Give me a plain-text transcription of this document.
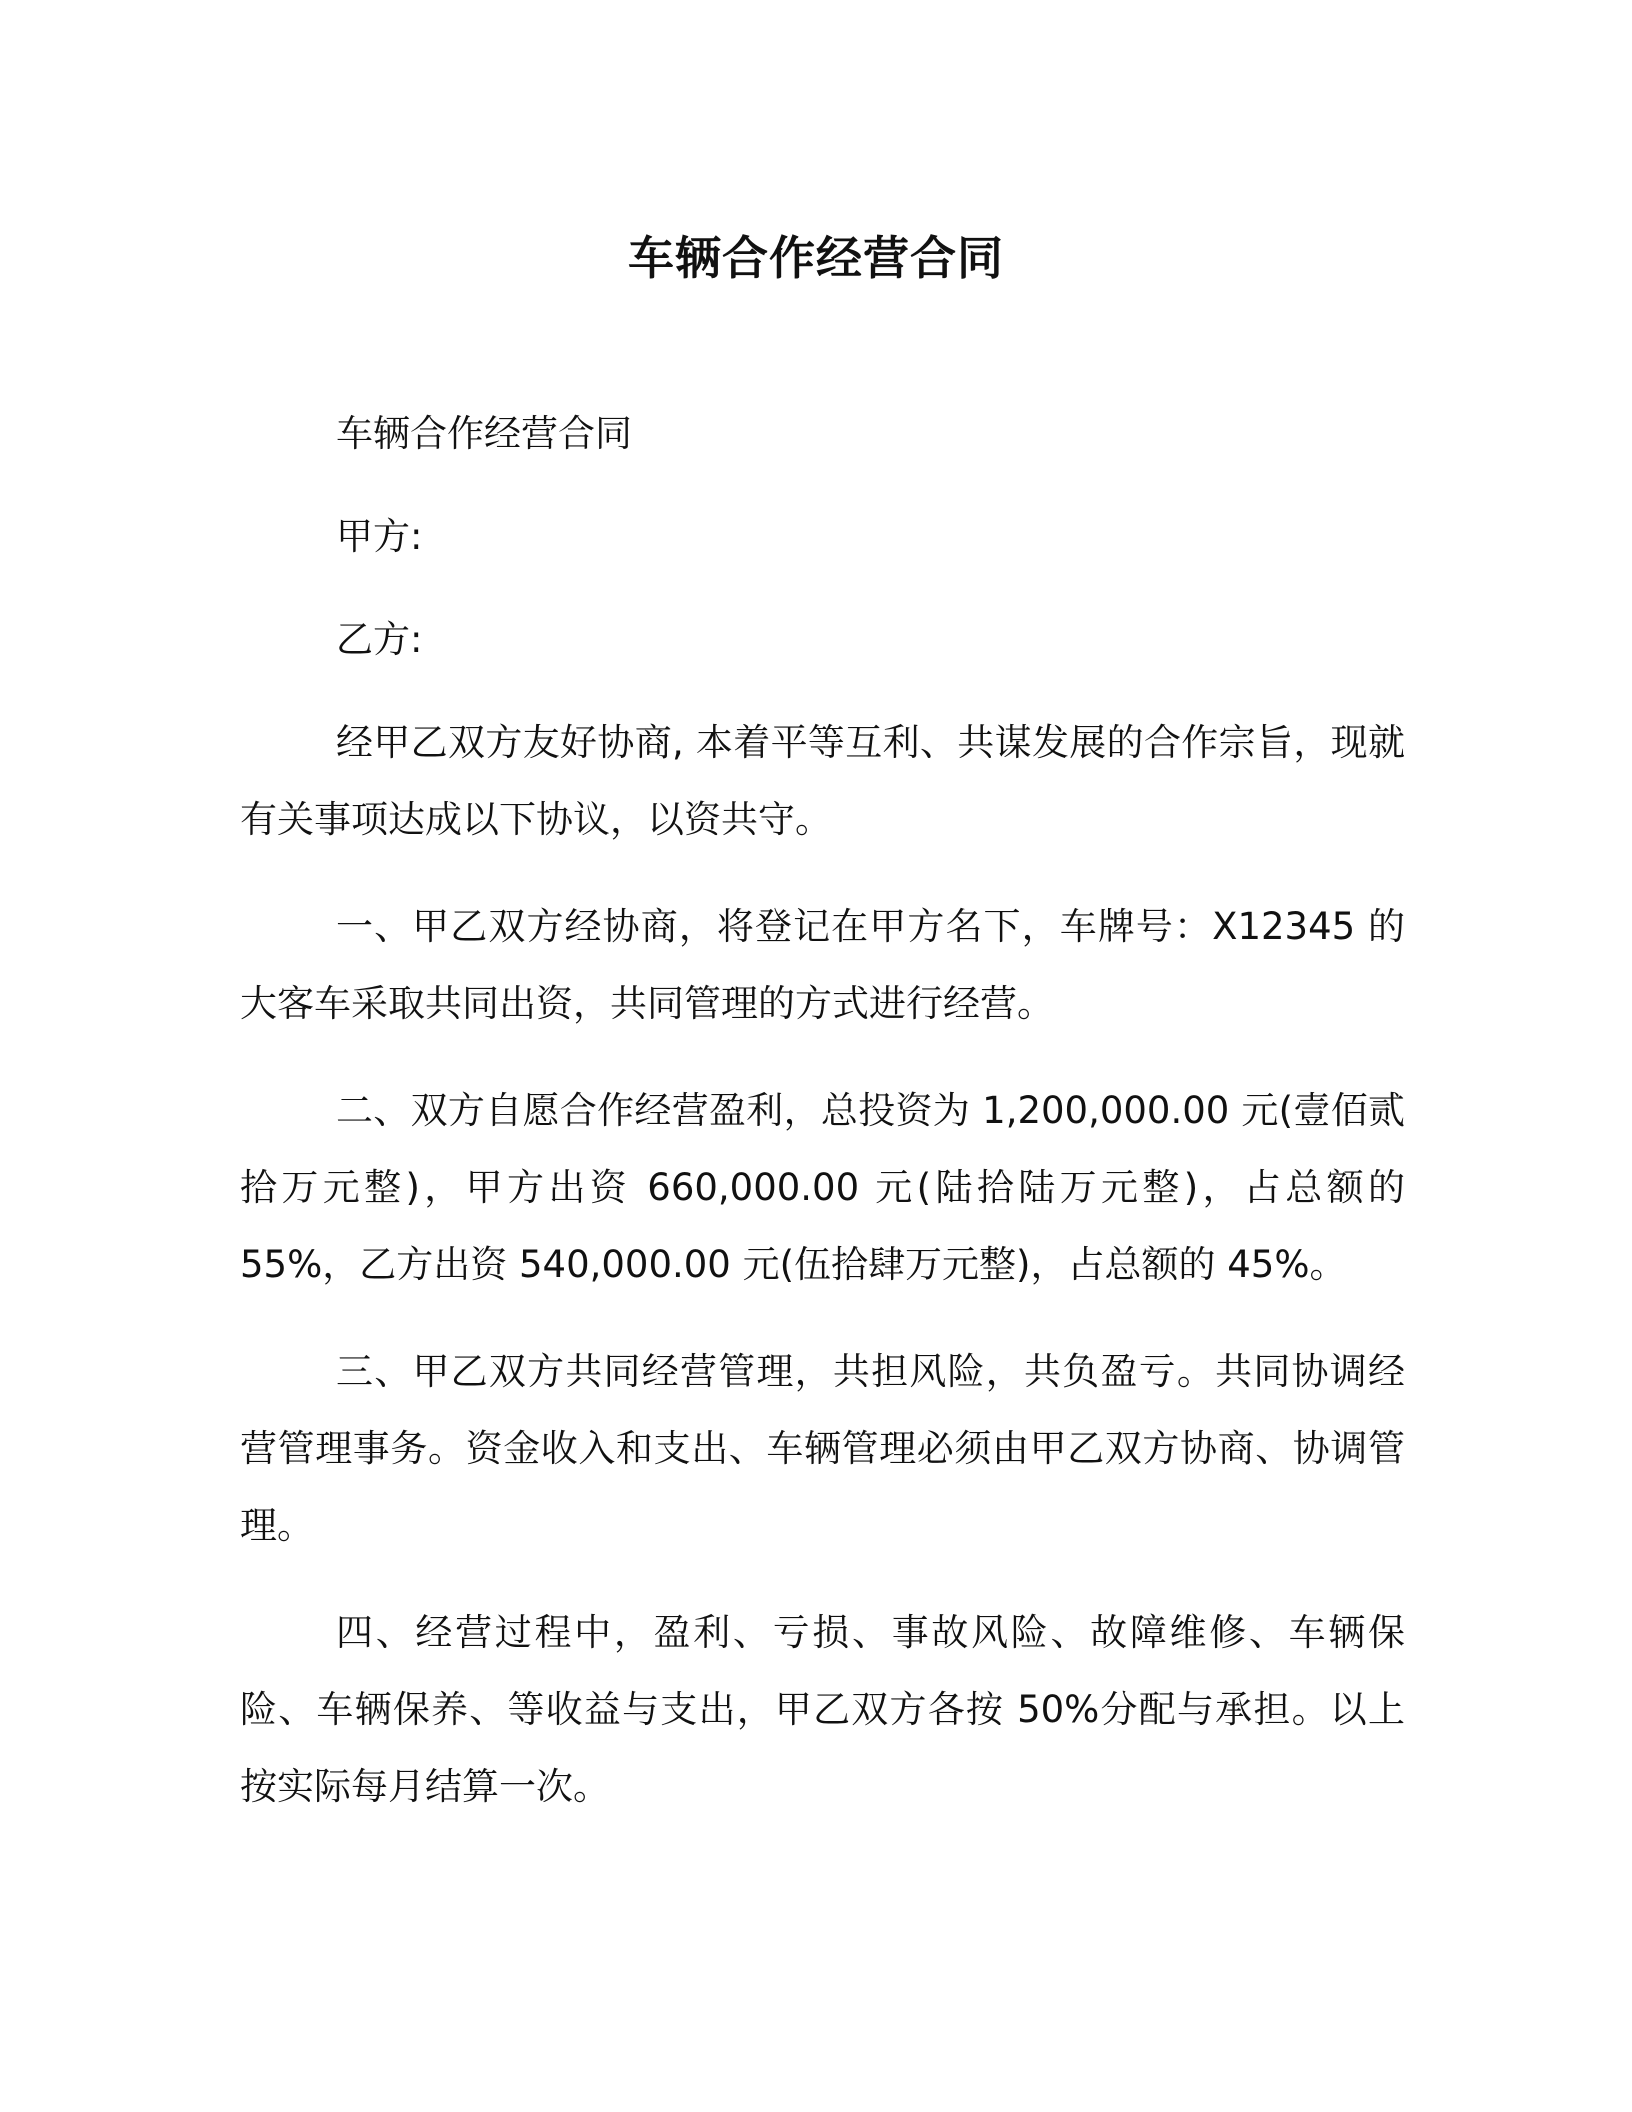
车辆合作经营合同

车辆合作经营合同

甲方:

乙方:

经甲乙双方友好协商, 本着平等互利、共谋发展的合作宗旨，现就有关事项达成以下协议，以资共守。

一、甲乙双方经协商，将登记在甲方名下，车牌号：X12345 的大客车采取共同出资，共同管理的方式进行经营。

二、双方自愿合作经营盈利，总投资为 1,200,000.00 元(壹佰贰拾万元整)，甲方出资 660,000.00 元(陆拾陆万元整)，占总额的 55%，乙方出资 540,000.00 元(伍拾肆万元整)，占总额的 45%。

三、甲乙双方共同经营管理，共担风险，共负盈亏。共同协调经营管理事务。资金收入和支出、车辆管理必须由甲乙双方协商、协调管理。

四、经营过程中，盈利、亏损、事故风险、故障维修、车辆保险、车辆保养、等收益与支出，甲乙双方各按 50%分配与承担。以上按实际每月结算一次。
